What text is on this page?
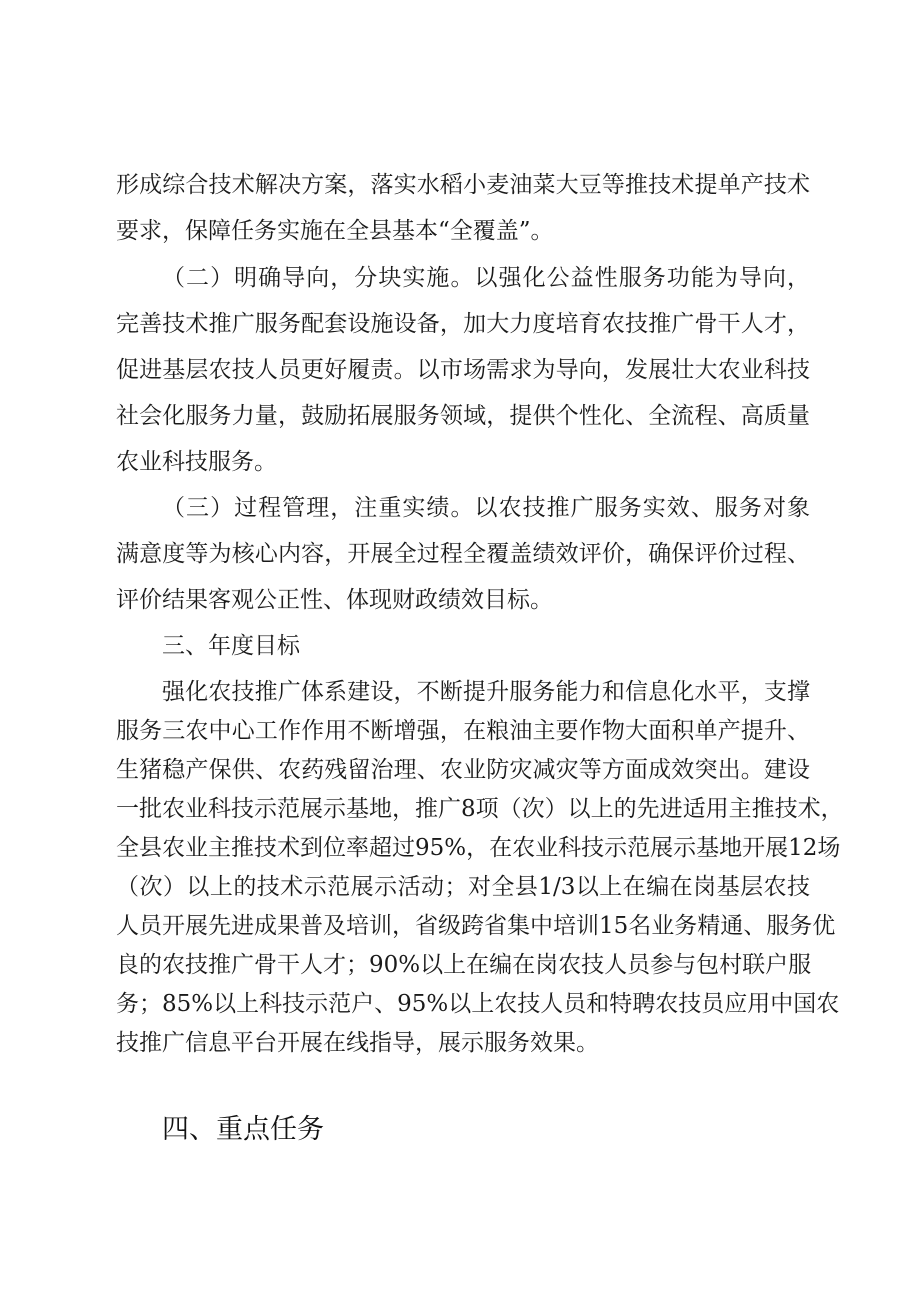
形成综合技术解决方案，落实水稻小麦油菜大豆等推技术提单产技术
要求，保障任务实施在全县基本“全覆盖”。
（二）明确导向，分块实施。以强化公益性服务功能为导向，
完善技术推广服务配套设施设备，加大力度培育农技推广骨干人才，
促进基层农技人员更好履责。以市场需求为导向，发展壮大农业科技
社会化服务力量，鼓励拓展服务领域，提供个性化、全流程、高质量
农业科技服务。
（三）过程管理，注重实绩。以农技推广服务实效、服务对象
满意度等为核心内容，开展全过程全覆盖绩效评价，确保评价过程、
评价结果客观公正性、体现财政绩效目标。
三、年度目标
强化农技推广体系建设，不断提升服务能力和信息化水平，支撑
服务三农中心工作作用不断增强，在粮油主要作物大面积单产提升、
生猪稳产保供、农药残留治理、农业防灾减灾等方面成效突出。建设
一批农业科技示范展示基地，推广8项（次）以上的先进适用主推技术，
全县农业主推技术到位率超过95%，在农业科技示范展示基地开展12场
（次）以上的技术示范展示活动；对全县1/3以上在编在岗基层农技
人员开展先进成果普及培训，省级跨省集中培训15名业务精通、服务优
良的农技推广骨干人才；90%以上在编在岗农技人员参与包村联户服
务；85%以上科技示范户、95%以上农技人员和特聘农技员应用中国农
四、重点任务
技推广信息平台开展在线指导，展示服务效果。
